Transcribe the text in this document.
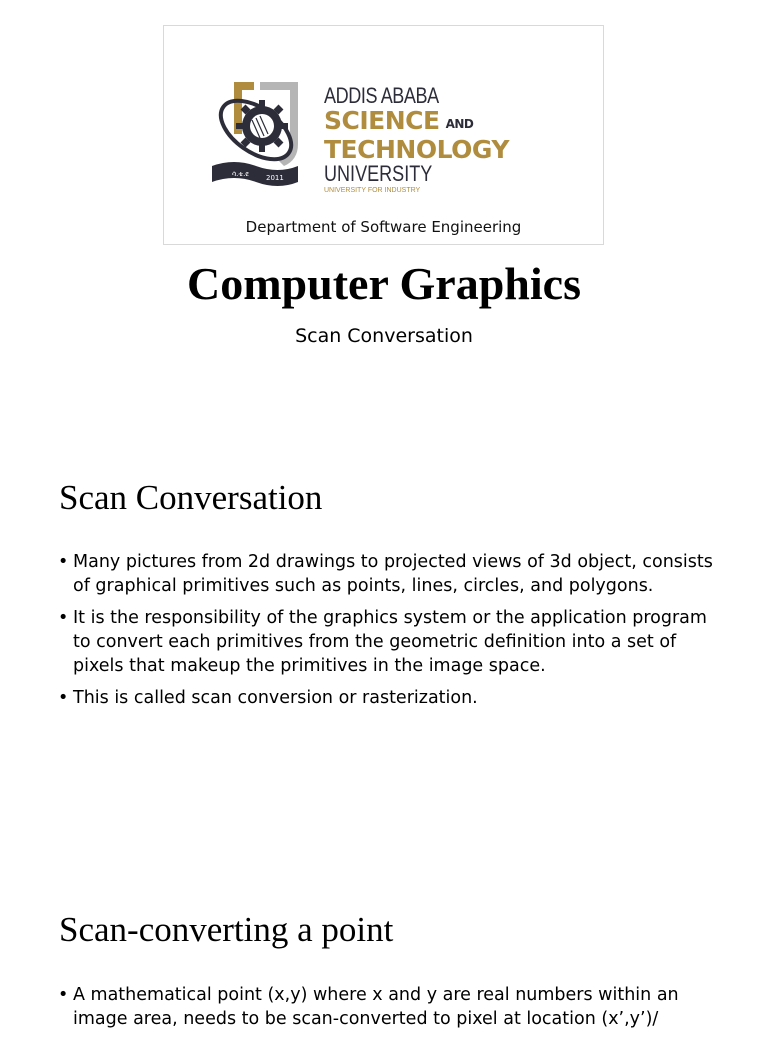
ሳ.ቴ.ዩ 2011
ADDIS ABABA
SCIENCE AND
TECHNOLOGY
UNIVERSITY
UNIVERSITY FOR INDUSTRY
Department of Software Engineering
Computer Graphics
Scan Conversation
Scan Conversation
• Many pictures from 2d drawings to projected views of 3d object, consists of graphical primitives such as points, lines, circles, and polygons.
• It is the responsibility of the graphics system or the application program to convert each primitives from the geometric definition into a set of pixels that makeup the primitives in the image space.
• This is called scan conversion or rasterization.
Scan-converting a point
• A mathematical point (x,y) where x and y are real numbers within an image area, needs to be scan-converted to pixel at location (x’,y’)/
